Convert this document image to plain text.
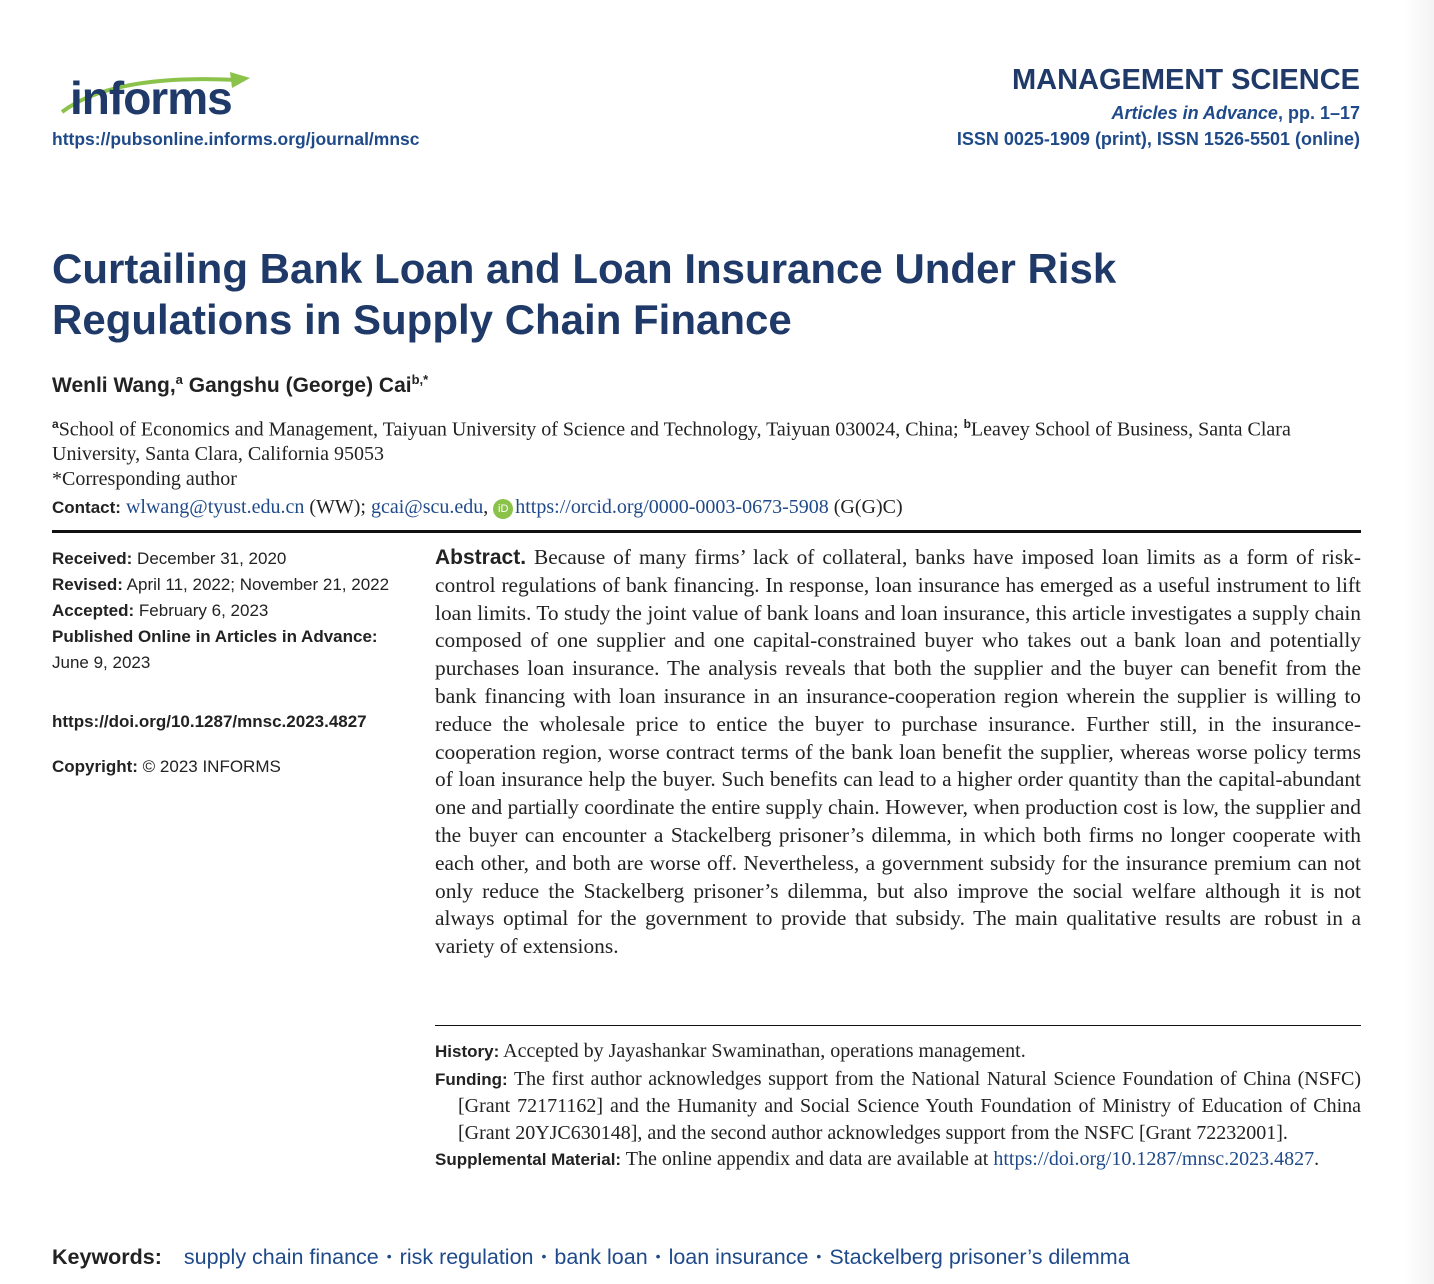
informs
https://pubsonline.informs.org/journal/mnsc
MANAGEMENT SCIENCE
Articles in Advance, pp. 1–17
ISSN 0025-1909 (print), ISSN 1526-5501 (online)
Curtailing Bank Loan and Loan Insurance Under Risk Regulations in Supply Chain Finance
Wenli Wang,$^a$ Gangshu (George) Cai$^{b,*}$
$^a$School of Economics and Management, Taiyuan University of Science and Technology, Taiyuan 030024, China; $^b$Leavey School of Business, Santa Clara University, Santa Clara, California 95053
*Corresponding author
Contact: wlwang@tyust.edu.cn (WW); gcai@scu.edu, iD https://orcid.org/0000-0003-0673-5908 (G(G)C)
Received: December 31, 2020
Revised: April 11, 2022; November 21, 2022
Accepted: February 6, 2023
Published Online in Articles in Advance:
June 9, 2023
https://doi.org/10.1287/mnsc.2023.4827
Copyright: © 2023 INFORMS
Abstract. Because of many firms’ lack of collateral, banks have imposed loan limits as a form of risk-control regulations of bank financing. In response, loan insurance has emerged as a useful instrument to lift loan limits. To study the joint value of bank loans and loan insurance, this article investigates a supply chain composed of one supplier and one capital-constrained buyer who takes out a bank loan and potentially purchases loan insurance. The analysis reveals that both the supplier and the buyer can benefit from the bank financing with loan insurance in an insurance-cooperation region wherein the supplier is willing to reduce the wholesale price to entice the buyer to purchase insurance. Further still, in the insurance-cooperation region, worse contract terms of the bank loan benefit the supplier, whereas worse policy terms of loan insurance help the buyer. Such benefits can lead to a higher order quantity than the capital-abundant one and partially coordinate the entire supply chain. However, when production cost is low, the supplier and the buyer can encounter a Stackelberg prisoner’s dilemma, in which both firms no longer cooperate with each other, and both are worse off. Nevertheless, a government subsidy for the insurance premium can not only reduce the Stackelberg prisoner’s dilemma, but also improve the social welfare although it is not always optimal for the government to provide that subsidy. The main qualitative results are robust in a variety of extensions.

History: Accepted by Jayashankar Swaminathan, operations management.

Funding: The first author acknowledges support from the National Natural Science Foundation of China (NSFC) [Grant 72171162] and the Humanity and Social Science Youth Foundation of Ministry of Education of China [Grant 20YJC630148], and the second author acknowledges support from the NSFC [Grant 72232001].

Supplemental Material: The online appendix and data are available at https://doi.org/10.1287/mnsc.2023.4827.

Keywords: supply chain finance • risk regulation • bank loan • loan insurance • Stackelberg prisoner’s dilemma
